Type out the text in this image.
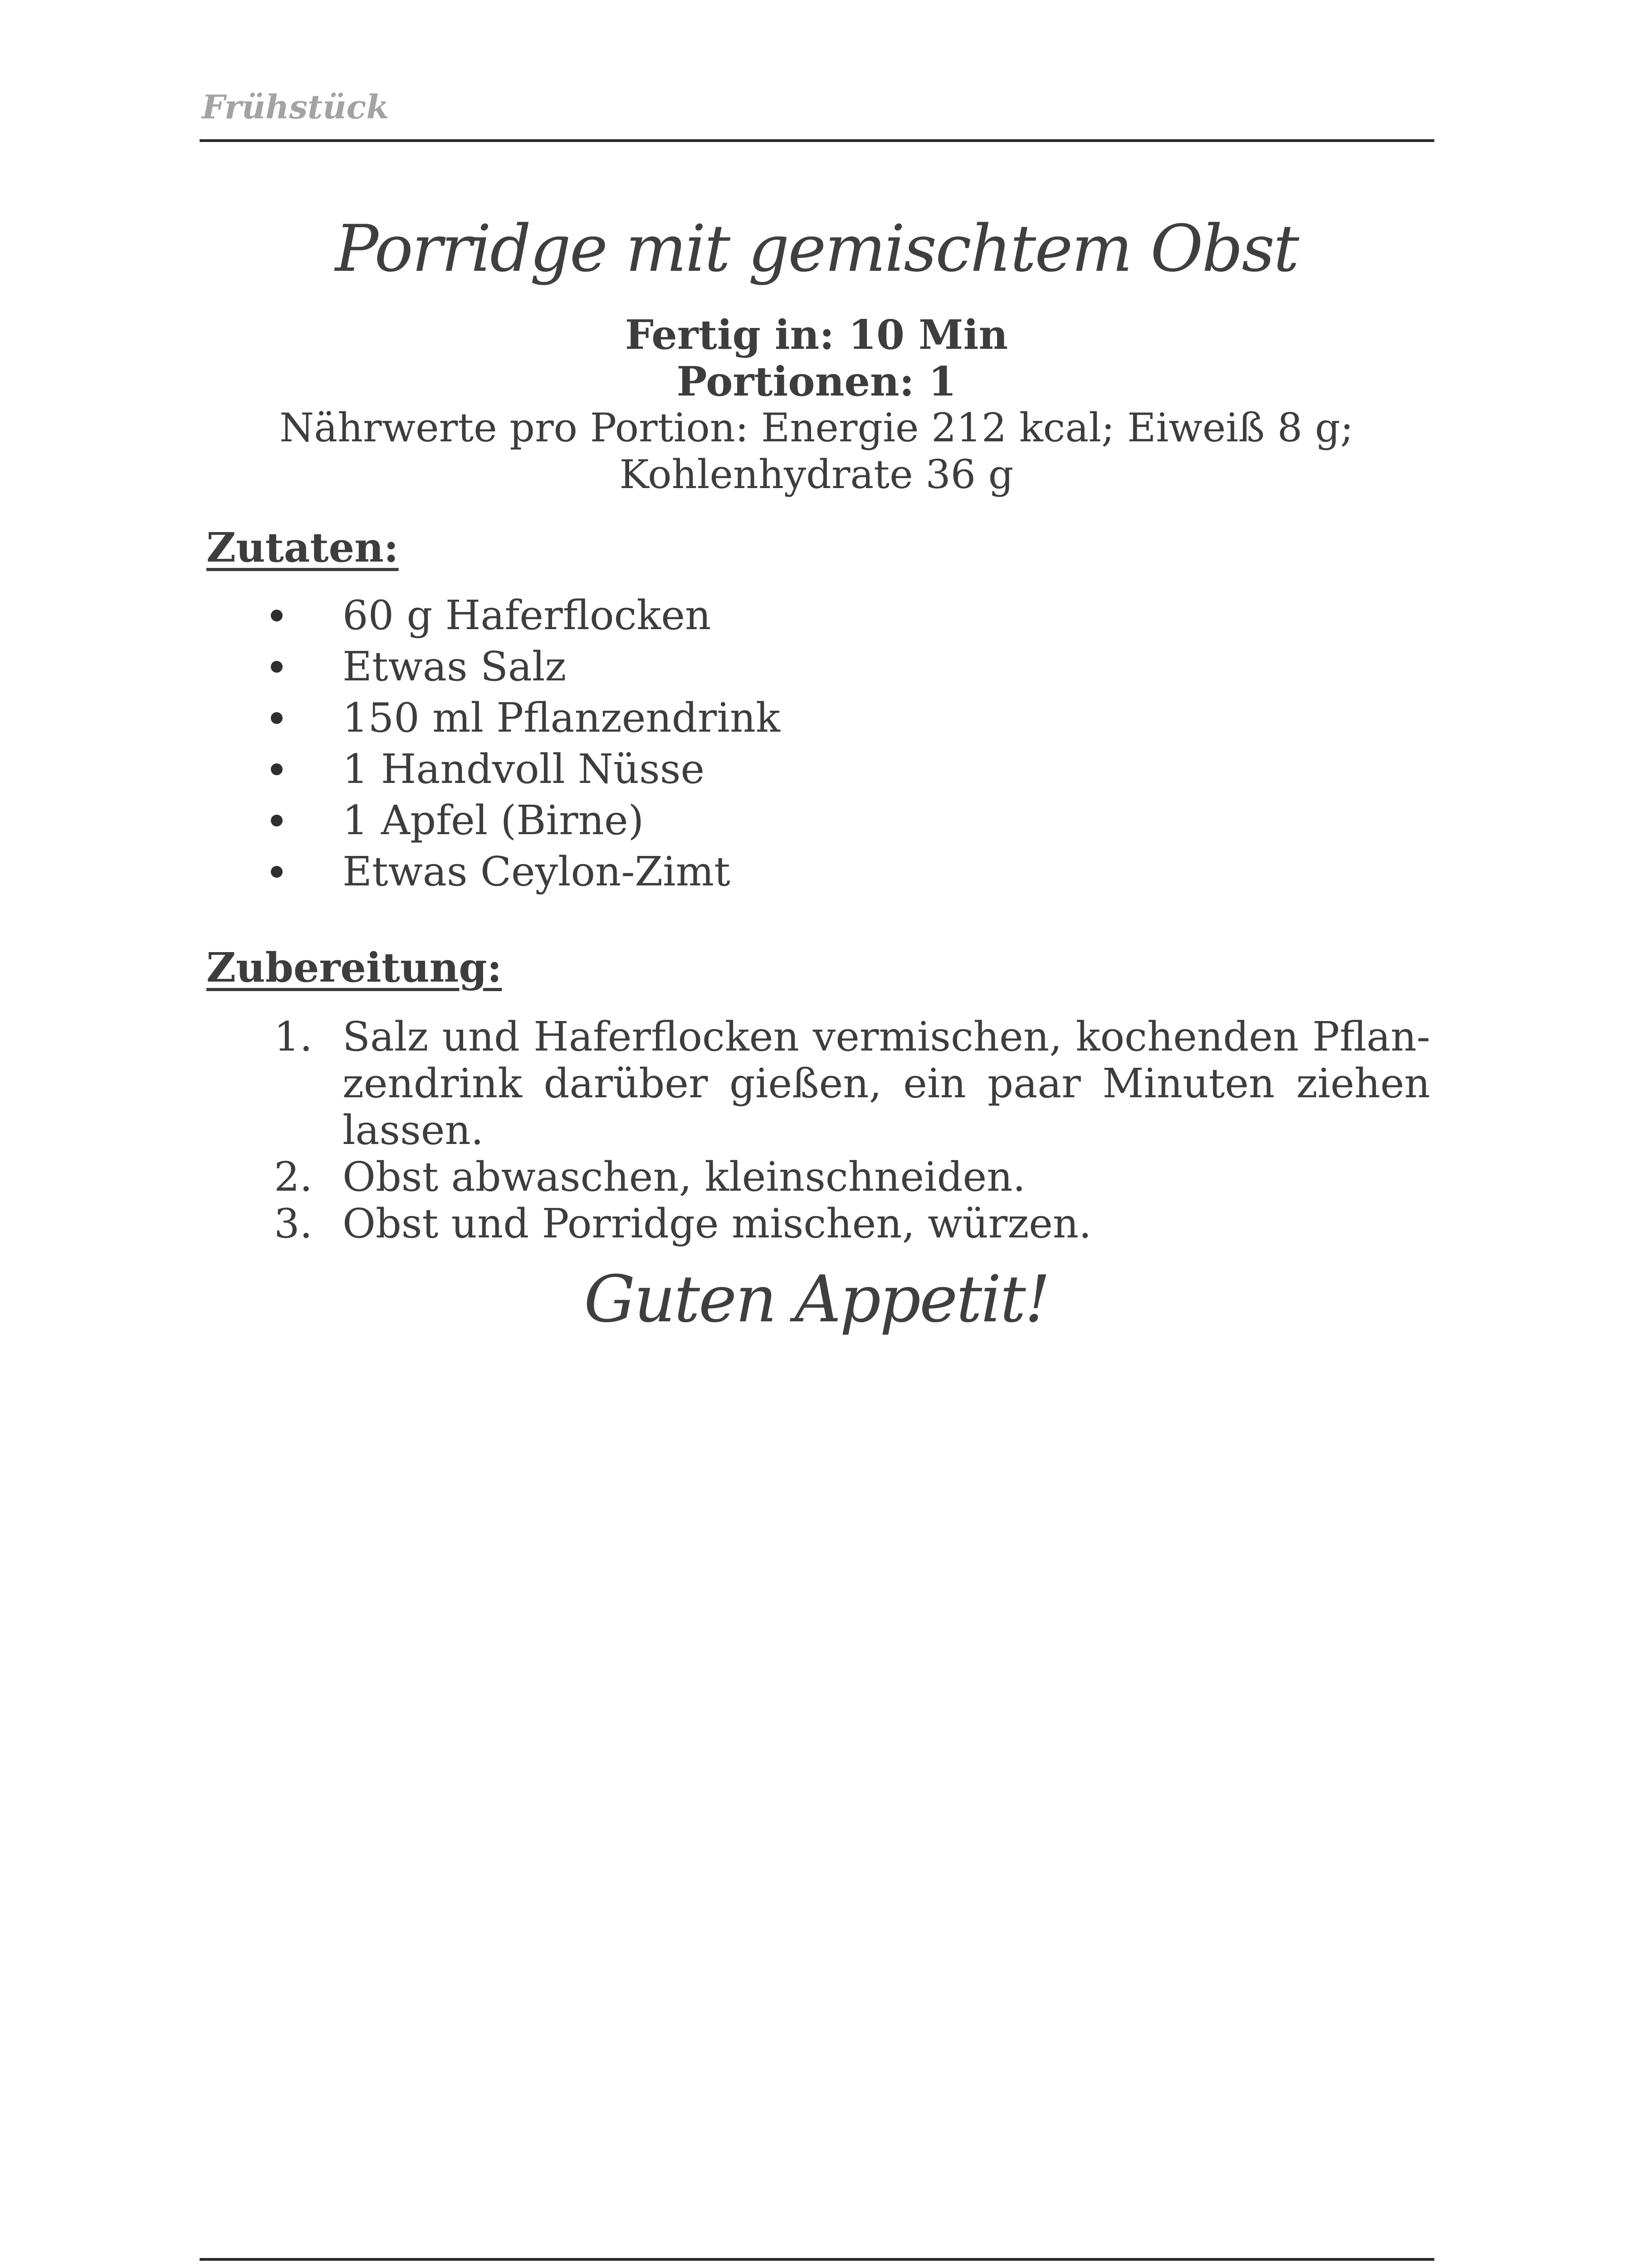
Frühstück
Porridge mit gemischtem Obst
Fertig in: 10 Min
Portionen: 1
Nährwerte pro Portion: Energie 212 kcal; Eiweiß 8 g;
Kohlenhydrate 36 g
Zutaten:
60 g Haferflocken
Etwas Salz
150 ml Pflanzendrink
1 Handvoll Nüsse
1 Apfel (Birne)
Etwas Ceylon-Zimt
Zubereitung:
1. Salz und Haferflocken vermischen, kochenden Pflan-zendrink darüber gießen, ein paar Minuten ziehen lassen.
2. Obst abwaschen, kleinschneiden.
3. Obst und Porridge mischen, würzen.
Guten Appetit!
